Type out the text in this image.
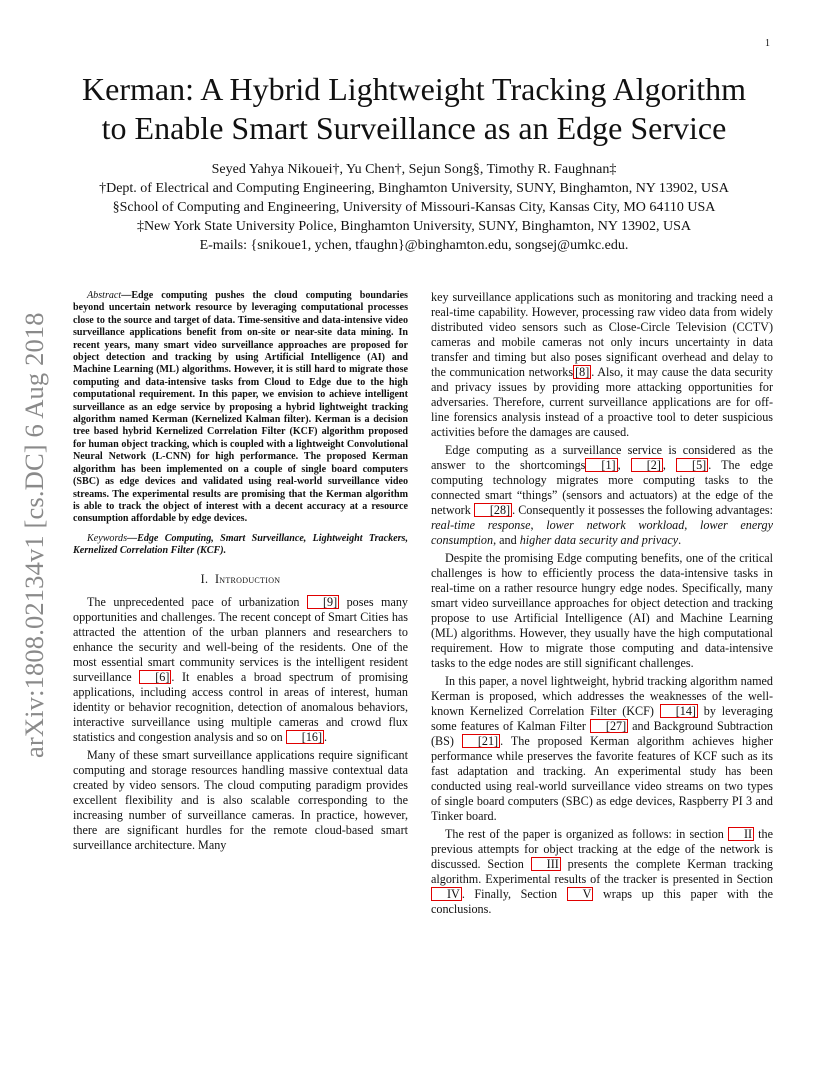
1
arXiv:1808.02134v1 [cs.DC] 6 Aug 2018
Kerman: A Hybrid Lightweight Tracking Algorithm
to Enable Smart Surveillance as an Edge Service
Seyed Yahya Nikouei†, Yu Chen†, Sejun Song§, Timothy R. Faughnan‡
†Dept. of Electrical and Computing Engineering, Binghamton University, SUNY, Binghamton, NY 13902, USA
§School of Computing and Engineering, University of Missouri-Kansas City, Kansas City, MO 64110 USA
‡New York State University Police, Binghamton University, SUNY, Binghamton, NY 13902, USA
E-mails: {snikoue1, ychen, tfaughn}@binghamton.edu, songsej@umkc.edu.

Abstract—Edge computing pushes the cloud computing boundaries beyond uncertain network resource by leveraging computational processes close to the source and target of data. Time-sensitive and data-intensive video surveillance applications benefit from on-site or near-site data mining. In recent years, many smart video surveillance approaches are proposed for object detection and tracking by using Artificial Intelligence (AI) and Machine Learning (ML) algorithms. However, it is still hard to migrate those computing and data-intensive tasks from Cloud to Edge due to the high computational requirement. In this paper, we envision to achieve intelligent surveillance as an edge service by proposing a hybrid lightweight tracking algorithm named Kerman (Kernelized Kalman filter). Kerman is a decision tree based hybrid Kernelized Correlation Filter (KCF) algorithm proposed for human object tracking, which is coupled with a lightweight Convolutional Neural Network (L-CNN) for high performance. The proposed Kerman algorithm has been implemented on a couple of single board computers (SBC) as edge devices and validated using real-world surveillance video streams. The experimental results are promising that the Kerman algorithm is able to track the object of interest with a decent accuracy at a resource consumption affordable by edge devices.

Keywords—Edge Computing, Smart Surveillance, Lightweight Trackers, Kernelized Correlation Filter (KCF).

I. Introduction

The unprecedented pace of urbanization [9] poses many opportunities and challenges. The recent concept of Smart Cities has attracted the attention of the urban planners and researchers to enhance the security and well-being of the residents. One of the most essential smart community services is the intelligent resident surveillance [6] . It enables a broad spectrum of promising applications, including access control in areas of interest, human identity or behavior recognition, detection of anomalous behaviors, interactive surveillance using multiple cameras and crowd flux statistics and congestion analysis and so on [16] .

Many of these smart surveillance applications require significant computing and storage resources handling massive contextual data created by video sensors. The cloud computing paradigm provides excellent flexibility and is also scalable corresponding to the increasing number of surveillance cameras. In practice, however, there are significant hurdles for the remote cloud-based smart surveillance architecture. Many

key surveillance applications such as monitoring and tracking need a real-time capability. However, processing raw video data from widely distributed video sensors such as Close-Circle Television (CCTV) cameras and mobile cameras not only incurs uncertainty in data transfer and timing but also poses significant overhead and delay to the communication networks [8] . Also, it may cause the data security and privacy issues by providing more attacking opportunities for adversaries. Therefore, current surveillance applications are for off-line forensics analysis instead of a proactive tool to deter suspicious activities before the damages are caused.

Edge computing as a surveillance service is considered as the answer to the shortcomings [1] , [2] , [5] . The edge computing technology migrates more computing tasks to the connected smart “things” (sensors and actuators) at the edge of the network [28] . Consequently it possesses the following advantages: real-time response, lower network workload, lower energy consumption, and higher data security and privacy.

Despite the promising Edge computing benefits, one of the critical challenges is how to efficiently process the data-intensive tasks in real-time on a rather resource hungry edge nodes. Specifically, many smart video surveillance approaches for object detection and tracking propose to use Artificial Intelligence (AI) and Machine Learning (ML) algorithms. However, they usually have the high computational requirement. How to migrate those computing and data-intensive tasks to the edge nodes are still significant challenges.

In this paper, a novel lightweight, hybrid tracking algorithm named Kerman is proposed, which addresses the weaknesses of the well-known Kernelized Correlation Filter (KCF) [14] by leveraging some features of Kalman Filter [27] and Background Subtraction (BS) [21] . The proposed Kerman algorithm achieves higher performance while preserves the favorite features of KCF such as its fast adaptation and tracking. An experimental study has been conducted using real-world surveillance video streams on two types of single board computers (SBC) as edge devices, Raspberry PI 3 and Tinker board.

The rest of the paper is organized as follows: in section II the previous attempts for object tracking at the edge of the network is discussed. Section III presents the complete Kerman tracking algorithm. Experimental results of the tracker is presented in Section IV . Finally, Section V wraps up this paper with the conclusions.
